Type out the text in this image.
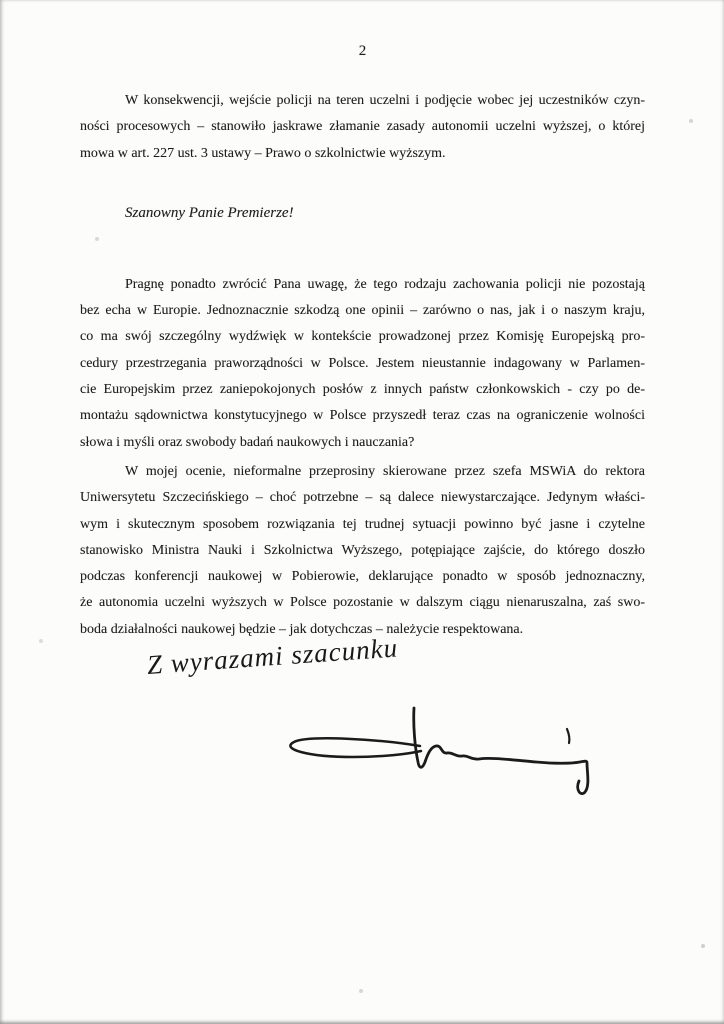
2
W konsekwencji, wejście policji na teren uczelni i podjęcie wobec jej uczestników czyn-
ności procesowych – stanowiło jaskrawe złamanie zasady autonomii uczelni wyższej, o której
mowa w art. 227 ust. 3 ustawy – Prawo o szkolnictwie wyższym.
Szanowny Panie Premierze!
Pragnę ponadto zwrócić Pana uwagę, że tego rodzaju zachowania policji nie pozostają
bez echa w Europie. Jednoznacznie szkodzą one opinii – zarówno o nas, jak i o naszym kraju,
co ma swój szczególny wydźwięk w kontekście prowadzonej przez Komisję Europejską pro-
cedury przestrzegania praworządności w Polsce. Jestem nieustannie indagowany w Parlamen-
cie Europejskim przez zaniepokojonych posłów z innych państw członkowskich - czy po de-
montażu sądownictwa konstytucyjnego w Polsce przyszedł teraz czas na ograniczenie wolności
słowa i myśli oraz swobody badań naukowych i nauczania?
W mojej ocenie, nieformalne przeprosiny skierowane przez szefa MSWiA do rektora
Uniwersytetu Szczecińskiego – choć potrzebne – są dalece niewystarczające. Jedynym właści-
wym i skutecznym sposobem rozwiązania tej trudnej sytuacji powinno być jasne i czytelne
stanowisko Ministra Nauki i Szkolnictwa Wyższego, potępiające zajście, do którego doszło
podczas konferencji naukowej w Pobierowie, deklarujące ponadto w sposób jednoznaczny,
że autonomia uczelni wyższych w Polsce pozostanie w dalszym ciągu nienaruszalna, zaś swo-
boda działalności naukowej będzie – jak dotychczas – należycie respektowana.
Z wyrazami szacunku
